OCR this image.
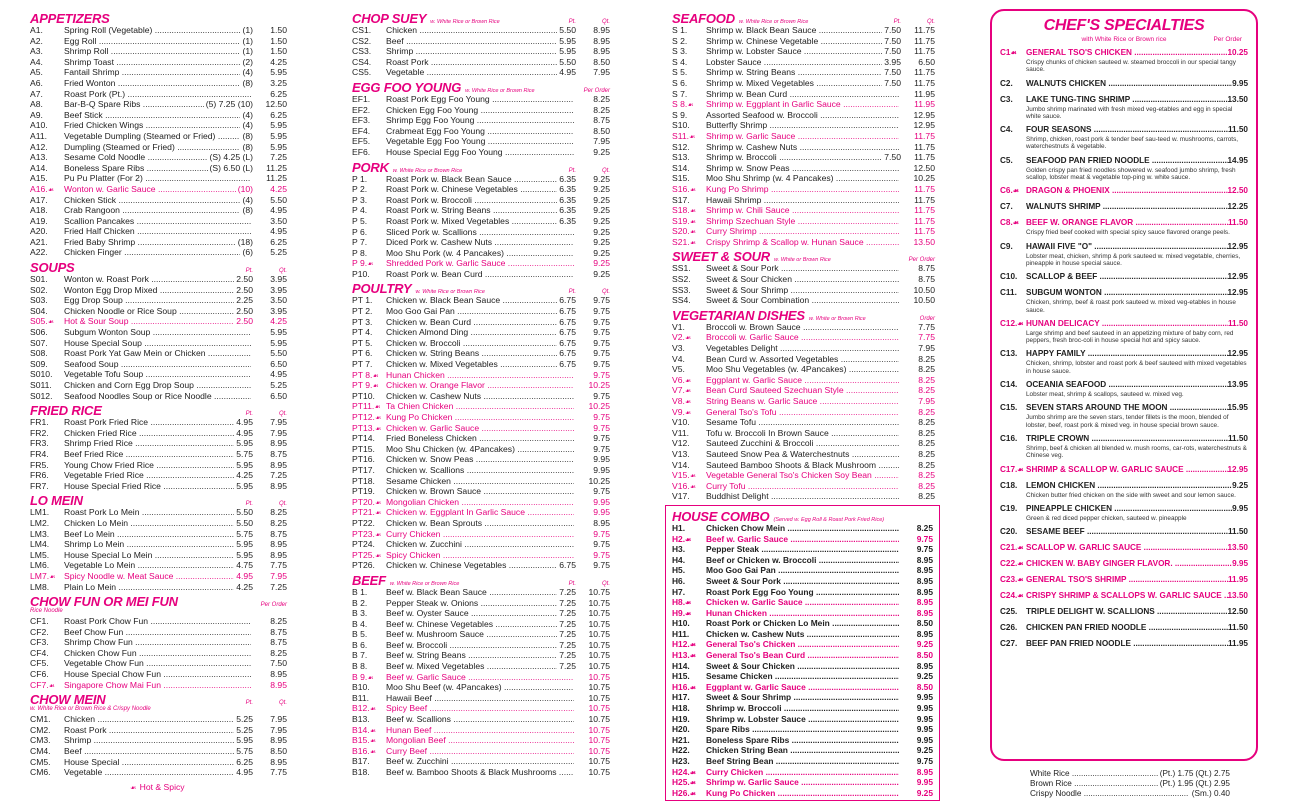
APPETIZERS
A1.	Spring Roll (Vegetable) .....	(1)	1.50
A2.	Egg Roll .....	(1)	1.50
A3.	Shrimp Roll .....	(1)	1.50
A4.	Shrimp Toast .....	(2)	4.25
A5.	Fantail Shrimp .....	(4)	5.95
A6.	Fried Wonton .....	(8)	3.25
A7.	Roast Pork (Pt.) .....	6.25
A8.	Bar-B-Q Spare Ribs .....	(5) 7.25 (10)	12.50
A9.	Beef Stick .....	(4)	6.25
A10.	Fried Chicken Wings .....	(4)	5.95
A11.	Vegetable Dumpling (Steamed or Fried) .....	(8)	5.95
A12.	Dumpling (Steamed or Fried) .....	(8)	5.95
A13.	Sesame Cold Noodle .....	(S) 4.25 (L)	7.25
A14.	Boneless Spare Ribs .....	(S) 6.50 (L)	11.25
A15.	Pu Pu Platter (For 2) .....	11.25
A16.☙	Wonton w. Garlic Sauce .....	(10)	4.25
A17.	Chicken Stick .....	(4)	5.50
A18.	Crab Rangoon .....	(8)	4.95
A19.	Scallion Pancakes .....	3.50
A20.	Fried Half Chicken .....	4.95
A21.	Fried Baby Shrimp .....	(18)	6.25
A22.	Chicken Finger .....	(6)	5.25
SOUPS	Pt.	Qt.
S01.	Wonton w. Roast Pork .....	2.50	3.95
S02.	Wonton Egg Drop Mixed .....	2.50	3.95
S03.	Egg Drop Soup .....	2.25	3.50
S04.	Chicken Noodle or Rice Soup .....	2.50	3.95
S05.☙	Hot & Sour Soup .....	2.50	4.25
S06.	Subgum Wonton Soup .....	5.95
S07.	House Special Soup .....	5.95
S08.	Roast Pork Yat Gaw Mein or Chicken .....	5.50
S09.	Seafood Soup .....	6.50
S010.	Vegetable Tofu Soup .....	4.95
S011.	Chicken and Corn Egg Drop Soup .....	5.25
S012.	Seafood Noodles Soup or Rice Noodle .....	6.50
FRIED RICE	Pt.	Qt.
FR1.	Roast Pork Fried Rice .....	4.95	7.95
FR2.	Chicken Fried Rice .....	4.95	7.95
FR3.	Shrimp Fried Rice .....	5.95	8.95
FR4.	Beef Fried Rice .....	5.75	8.75
FR5.	Young Chow Fried Rice .....	5.95	8.95
FR6.	Vegetable Fried Rice .....	4.25	7.25
FR7.	House Special Fried Rice .....	5.95	8.95
LO MEIN	Pt.	Qt.
LM1.	Roast Pork Lo Mein .....	5.50	8.25
LM2.	Chicken Lo Mein .....	5.50	8.25
LM3.	Beef Lo Mein .....	5.75	8.75
LM4.	Shrimp Lo Mein .....	5.95	8.95
LM5.	House Special Lo Mein .....	5.95	8.95
LM6.	Vegetable Lo Mein .....	4.75	7.75
LM7.☙	Spicy Noodle w. Meat Sauce .....	4.95	7.95
LM8.	Plain Lo Mein .....	4.25	7.25
CHOW FUN OR MEI FUN	Per Order
Rice Noodle
CF1.	Roast Pork Chow Fun .....	8.25
CF2.	Beef Chow Fun .....	8.75
CF3.	Shrimp Chow Fun .....	8.75
CF4.	Chicken Chow Fun .....	8.25
CF5.	Vegetable Chow Fun .....	7.50
CF6.	House Special Chow Fun .....	8.95
CF7.☙	Singapore Chow Mai Fun .....	8.95
CHOW MEIN	Pt.	Qt.
w. White Rice or Brown Rice & Crispy Noodle
CM1.	Chicken .....	5.25	7.95
CM2.	Roast Pork .....	5.25	7.95
CM3.	Shrimp .....	5.95	8.95
CM4.	Beef .....	5.75	8.50
CM5.	House Special .....	6.25	8.95
CM6.	Vegetable .....	4.95	7.75
CHOP SUEY w. White Rice or Brown Rice	Pt.	Qt.
CS1.	Chicken .....	5.50	8.95
CS2.	Beef .....	5.95	8.95
CS3.	Shrimp .....	5.95	8.95
CS4.	Roast Pork .....	5.50	8.50
CS5.	Vegetable .....	4.95	7.95
EGG FOO YOUNG w. White Rice or Brown Rice	Per Order
EF1.	Roast Pork Egg Foo Young .....	8.25
EF2.	Chicken Egg Foo Young .....	8.25
EF3.	Shrimp Egg Foo Young .....	8.75
EF4.	Crabmeat Egg Foo Young .....	8.50
EF5.	Vegetable Egg Foo Young .....	7.95
EF6.	House Special Egg Foo Young .....	9.25
PORK w. White Rice or Brown Rice	Pt.	Qt.
P 1.	Roast Pork w. Black Bean Sauce .....	6.35	9.25
P 2.	Roast Pork w. Chinese Vegetables .....	6.35	9.25
P 3.	Roast Pork w. Broccoli .....	6.35	9.25
P 4.	Roast Pork w. String Beans .....	6.35	9.25
P 5.	Roast Pork w. Mixed Vegetables .....	6.35	9.25
P 6.	Sliced Pork w. Scallions .....	9.25
P 7.	Diced Pork w. Cashew Nuts .....	9.25
P 8.	Moo Shu Pork (w. 4 Pancakes) .....	9.25
P 9.☙	Shredded Pork w. Garlic Sauce .....	9.25
P10.	Roast Pork w. Bean Curd .....	9.25
POULTRY w. White Rice or Brown Rice	Pt.	Qt.
PT 1.	Chicken w. Black Bean Sauce .....	6.75	9.75
PT 2.	Moo Goo Gai Pan .....	6.75	9.75
PT 3.	Chicken w. Bean Curd .....	6.75	9.75
PT 4.	Chicken Almond Ding .....	6.75	9.75
PT 5.	Chicken w. Broccoli .....	6.75	9.75
PT 6.	Chicken w. String Beans .....	6.75	9.75
PT 7.	Chicken w. Mixed Vegetables .....	6.75	9.75
PT 8.☙ Hunan Chicken .....	9.75
PT 9.☙ Chicken w. Orange Flavor .....	10.25
PT10.	Chicken w. Cashew Nuts .....	9.75
PT11.☙ Ta Chien Chicken .....	10.25
PT12.☙ Kung Po Chicken .....	9.75
PT13.☙ Chicken w. Garlic Sauce .....	9.75
PT14.	Fried Boneless Chicken .....	9.75
PT15.	Moo Shu Chicken (w. 4Pancakes) .....	9.75
PT16.	Chicken w. Snow Peas .....	9.95
PT17.	Chicken w. Scallions .....	9.95
PT18.	Sesame Chicken .....	10.25
PT19.	Chicken w. Brown Sauce .....	9.75
PT20.☙ Mongolian Chicken .....	9.95
PT21.☙ Chicken w. Eggplant In Garlic Sauce .....	9.95
PT22.	Chicken w. Bean Sprouts .....	8.95
PT23.☙ Curry Chicken .....	9.75
PT24.	Chicken w. Zucchini .....	9.75
PT25.☙ Spicy Chicken .....	9.75
PT26.	Chicken w. Chinese Vegetables .....	6.75	9.75
BEEF w. White Rice or Brown Rice	Pt.	Qt.
B 1.	Beef w. Black Bean Sauce .....	7.25	10.75
B 2.	Pepper Steak w. Onions .....	7.25	10.75
B 3.	Beef w. Oyster Sauce .....	7.25	10.75
B 4.	Beef w. Chinese Vegetables .....	7.25	10.75
B 5.	Beef w. Mushroom Sauce .....	7.25	10.75
B 6.	Beef w. Broccoli .....	7.25	10.75
B 7.	Beef w. String Beans .....	7.25	10.75
B 8.	Beef w. Mixed Vegetables .....	7.25	10.75
B 9.☙	Beef w. Garlic Sauce .....	10.75
B10.	Moo Shu Beef (w. 4Pancakes) .....	10.75
B11.	Hawaii Beef .....	10.75
B12.☙	Spicy Beef .....	10.75
B13.	Beef w. Scallions .....	10.75
B14.☙	Hunan Beef .....	10.75
B15.☙	Mongolian Beef .....	10.75
B16.☙	Curry Beef .....	10.75
B17.	Beef w. Zucchini .....	10.75
B18.	Beef w. Bamboo Shoots & Black Mushrooms .....	10.75
SEAFOOD w. White Rice or Brown Rice	Pt.	Qt.
S 1.	Shrimp w. Black Bean Sauce .....	7.50	11.75
S 2.	Shrimp w. Chinese Vegetable .....	7.50	11.75
S 3.	Shrimp w. Lobster Sauce .....	7.50	11.75
S 4.	Lobster Sauce .....	3.95	6.50
S 5.	Shrimp w. String Beans .....	7.50	11.75
S 6.	Shrimp w. Mixed Vegetables .....	7.50	11.75
S 7.	Shrimp w. Bean Curd .....	11.95
S 8.☙	Shrimp w. Eggplant in Garlic Sauce .....	11.95
S 9.	Assorted Seafood w. Broccoli .....	12.95
S10.	Butterfly Shrimp .....	12.95
S11.☙	Shrimp w. Garlic Sauce .....	11.75
S12.	Shrimp w. Cashew Nuts .....	11.75
S13.	Shrimp w. Broccoli .....	7.50	11.75
S14.	Shrimp w. Snow Peas .....	12.50
S15.	Moo Shu Shrimp (w. 4 Pancakes) .....	10.25
S16.☙	Kung Po Shrimp .....	11.75
S17.	Hawaii Shrimp .....	11.75
S18.☙	Shrimp w. Chili Sauce .....	11.75
S19.☙	Shrimp Szechuan Style .....	11.75
S20.☙	Curry Shrimp .....	11.75
S21.☙	Crispy Shrimp & Scallop w. Hunan Sauce .....	13.50
SWEET & SOUR w. White or Brown Rice	Per Order
SS1.	Sweet & Sour Pork .....	8.75
SS2.	Sweet & Sour Chicken .....	8.75
SS3.	Sweet & Sour Shrimp .....	10.50
SS4.	Sweet & Sour Combination .....	10.50
VEGETARIAN DISHES w. White or Brown Rice	Order
V1.	Broccoli w. Brown Sauce .....	7.75
V2.☙	Broccoli w. Garlic Sauce .....	7.75
V3.	Vegetables Delight .....	7.95
V4.	Bean Curd w. Assorted Vegetables .....	8.25
V5.	Moo Shu Vegetables (w. 4Pancakes) .....	8.25
V6.☙	Eggplant w. Garlic Sauce .....	8.25
V7.☙	Bean Curd Sauteed Szechuan Style .....	8.25
V8.☙	String Beans w. Garlic Sauce .....	7.95
V9.☙	General Tso's Tofu .....	8.25
V10.	Sesame Tofu .....	8.25
V11.	Tofu w. Broccoli In Brown Sauce .....	8.25
V12.	Sauteed Zucchini & Broccoli .....	8.25
V13.	Sauteed Snow Pea & Waterchestnuts .....	8.25
V14.	Sauteed Bamboo Shoots & Black Mushroom .....	8.25
V15.☙	Vegetable General Tso's Chicken Soy Bean .....	8.25
V16.☙	Curry Tofu .....	8.25
V17.	Buddhist Delight .....	8.25
HOUSE COMBO (Served w. Egg Roll & Roast Pork Fried Rice)
H1.	Chicken Chow Mein .....	8.25
H2.☙	Beef w. Garlic Sauce .....	9.75
H3.	Pepper Steak .....	9.75
H4.	Beef or Chicken w. Broccoli .....	8.95
H5.	Moo Goo Gai Pan .....	8.95
H6.	Sweet & Sour Pork .....	8.95
H7.	Roast Pork Egg Foo Young .....	8.95
H8.☙	Chicken w. Garlic Sauce .....	8.95
H9.☙	Hunan Chicken .....	8.95
H10.	Roast Pork or Chicken Lo Mein .....	8.50
H11.	Chicken w. Cashew Nuts .....	8.95
H12.☙	General Tso's Chicken .....	9.25
H13.☙	General Tso's Bean Curd .....	8.50
H14.	Sweet & Sour Chicken .....	8.95
H15.	Sesame Chicken .....	9.25
H16.☙	Eggplant w. Garlic Sauce .....	8.50
H17.	Sweet & Sour Shrimp .....	9.95
H18.	Shrimp w. Broccoli .....	9.95
H19.	Shrimp w. Lobster Sauce .....	9.95
H20.	Spare Ribs .....	9.95
H21.	Boneless Spare Ribs .....	9.95
H22.	Chicken String Bean .....	9.25
H23.	Beef String Bean .....	9.75
H24.☙	Curry Chicken .....	8.95
H25.☙	Shrimp w. Garlic Sauce .....	9.95
H26.☙	Kung Po Chicken .....	9.25
CHEF'S SPECIALTIES
with White Rice or Brown rice	Per Order
C1☙	GENERAL TSO'S CHICKEN .....	10.25
Crispy chunks of chicken sauteed w. steamed broccoli in our special tangy sauce.
C2.	WALNUTS CHICKEN .....	9.95
C3.	LAKE TUNG-TING SHRIMP .....	13.50
Jumbo shrimp marinated with fresh mixed veg-etables and egg in special white sauce.
C4.	FOUR SEASONS .....	11.50
Shrimp, chicken, roast pork & tender beef sau-teed w. mushrooms, carrots, waterchestnuts & vegetable.
C5.	SEAFOOD PAN FRIED NOODLE .....	14.95
Golden crispy pan fried noodles showered w. seafood jumbo shrimp, fresh scallop, lobster meat & vegetable top-ping w. white sauce.
C6.☙ DRAGON & PHOENIX .....	12.50
C7.	WALNUTS SHRIMP .....	12.25
C8.☙ BEEF W. ORANGE FLAVOR .....	11.50
Crispy fried beef cooked with special spicy sauce flavored orange peels.
C9.	HAWAII FIVE "O" .....	12.95
Lobster meat, chicken, shrimp & pork sauteed w. mixed vegetable, cherries, pineapple in house special sauce.
C10.	SCALLOP & BEEF .....	12.95
C11.	SUBGUM WONTON .....	12.95
Chicken, shrimp, beef & roast pork sauteed w. mixed veg-etables in house sauce.
C12.☙ HUNAN DELICACY .....	11.50
Large shrimp and beef sauteed in an appetizing mixture of baby corn, red peppers, fresh broc-coli in house special hot and spicy sauce.
C13.	HAPPY FAMILY .....	12.95
Chicken, shrimp, lobster and roast pork & beef sauteed with mixed vegetables in house sauce.
C14.	OCEANIA SEAFOOD .....	13.95
Lobster meat, shrimp & scallops, sauteed w. mixed veg.
C15.	SEVEN STARS AROUND THE MOON .....	15.95
Jumbo shrimp are the seven stars, tender fillets is the moon, blended of lobster, beef, roast pork & mixed veg. in house special brown sauce.
C16.	TRIPLE CROWN .....	11.50
Shrimp, beef & chicken all blended w. mush rooms, car-rots, waterchestnuts & Chinese veg.
C17.☙ SHRIMP & SCALLOP W. GARLIC SAUCE .....	12.95
C18.	LEMON CHICKEN .....	9.25
Chicken butter fried chicken on the side with sweet and sour lemon sauce.
C19.	PINEAPPLE CHICKEN .....	9.95
Green & red diced pepper chicken, sauteed w. pineapple
C20.	SESAME BEEF .....	11.50
C21.☙ SCALLOP W. GARLIC SAUCE .....	13.50
C22.☙ CHICKEN W. BABY GINGER FLAVOR. .....	9.95
C23.☙ GENERAL TSO'S SHRIMP .....	11.95
C24.☙ CRISPY SHRIMP & SCALLOPS W. GARLIC SAUCE ..... 13.50
C25.	TRIPLE DELIGHT W. SCALLIONS .....	12.50
C26.	CHICKEN PAN FRIED NOODLE .....	11.50
C27.	BEEF PAN FRIED NOODLE .....	11.95
White Rice .....	(Pt.) 1.75 (Qt.) 2.75
Brown Rice .....	(Pt.) 1.95 (Qt.) 2.95
Crispy Noodle .....	(Sm.) 0.40
☙ Hot & Spicy
